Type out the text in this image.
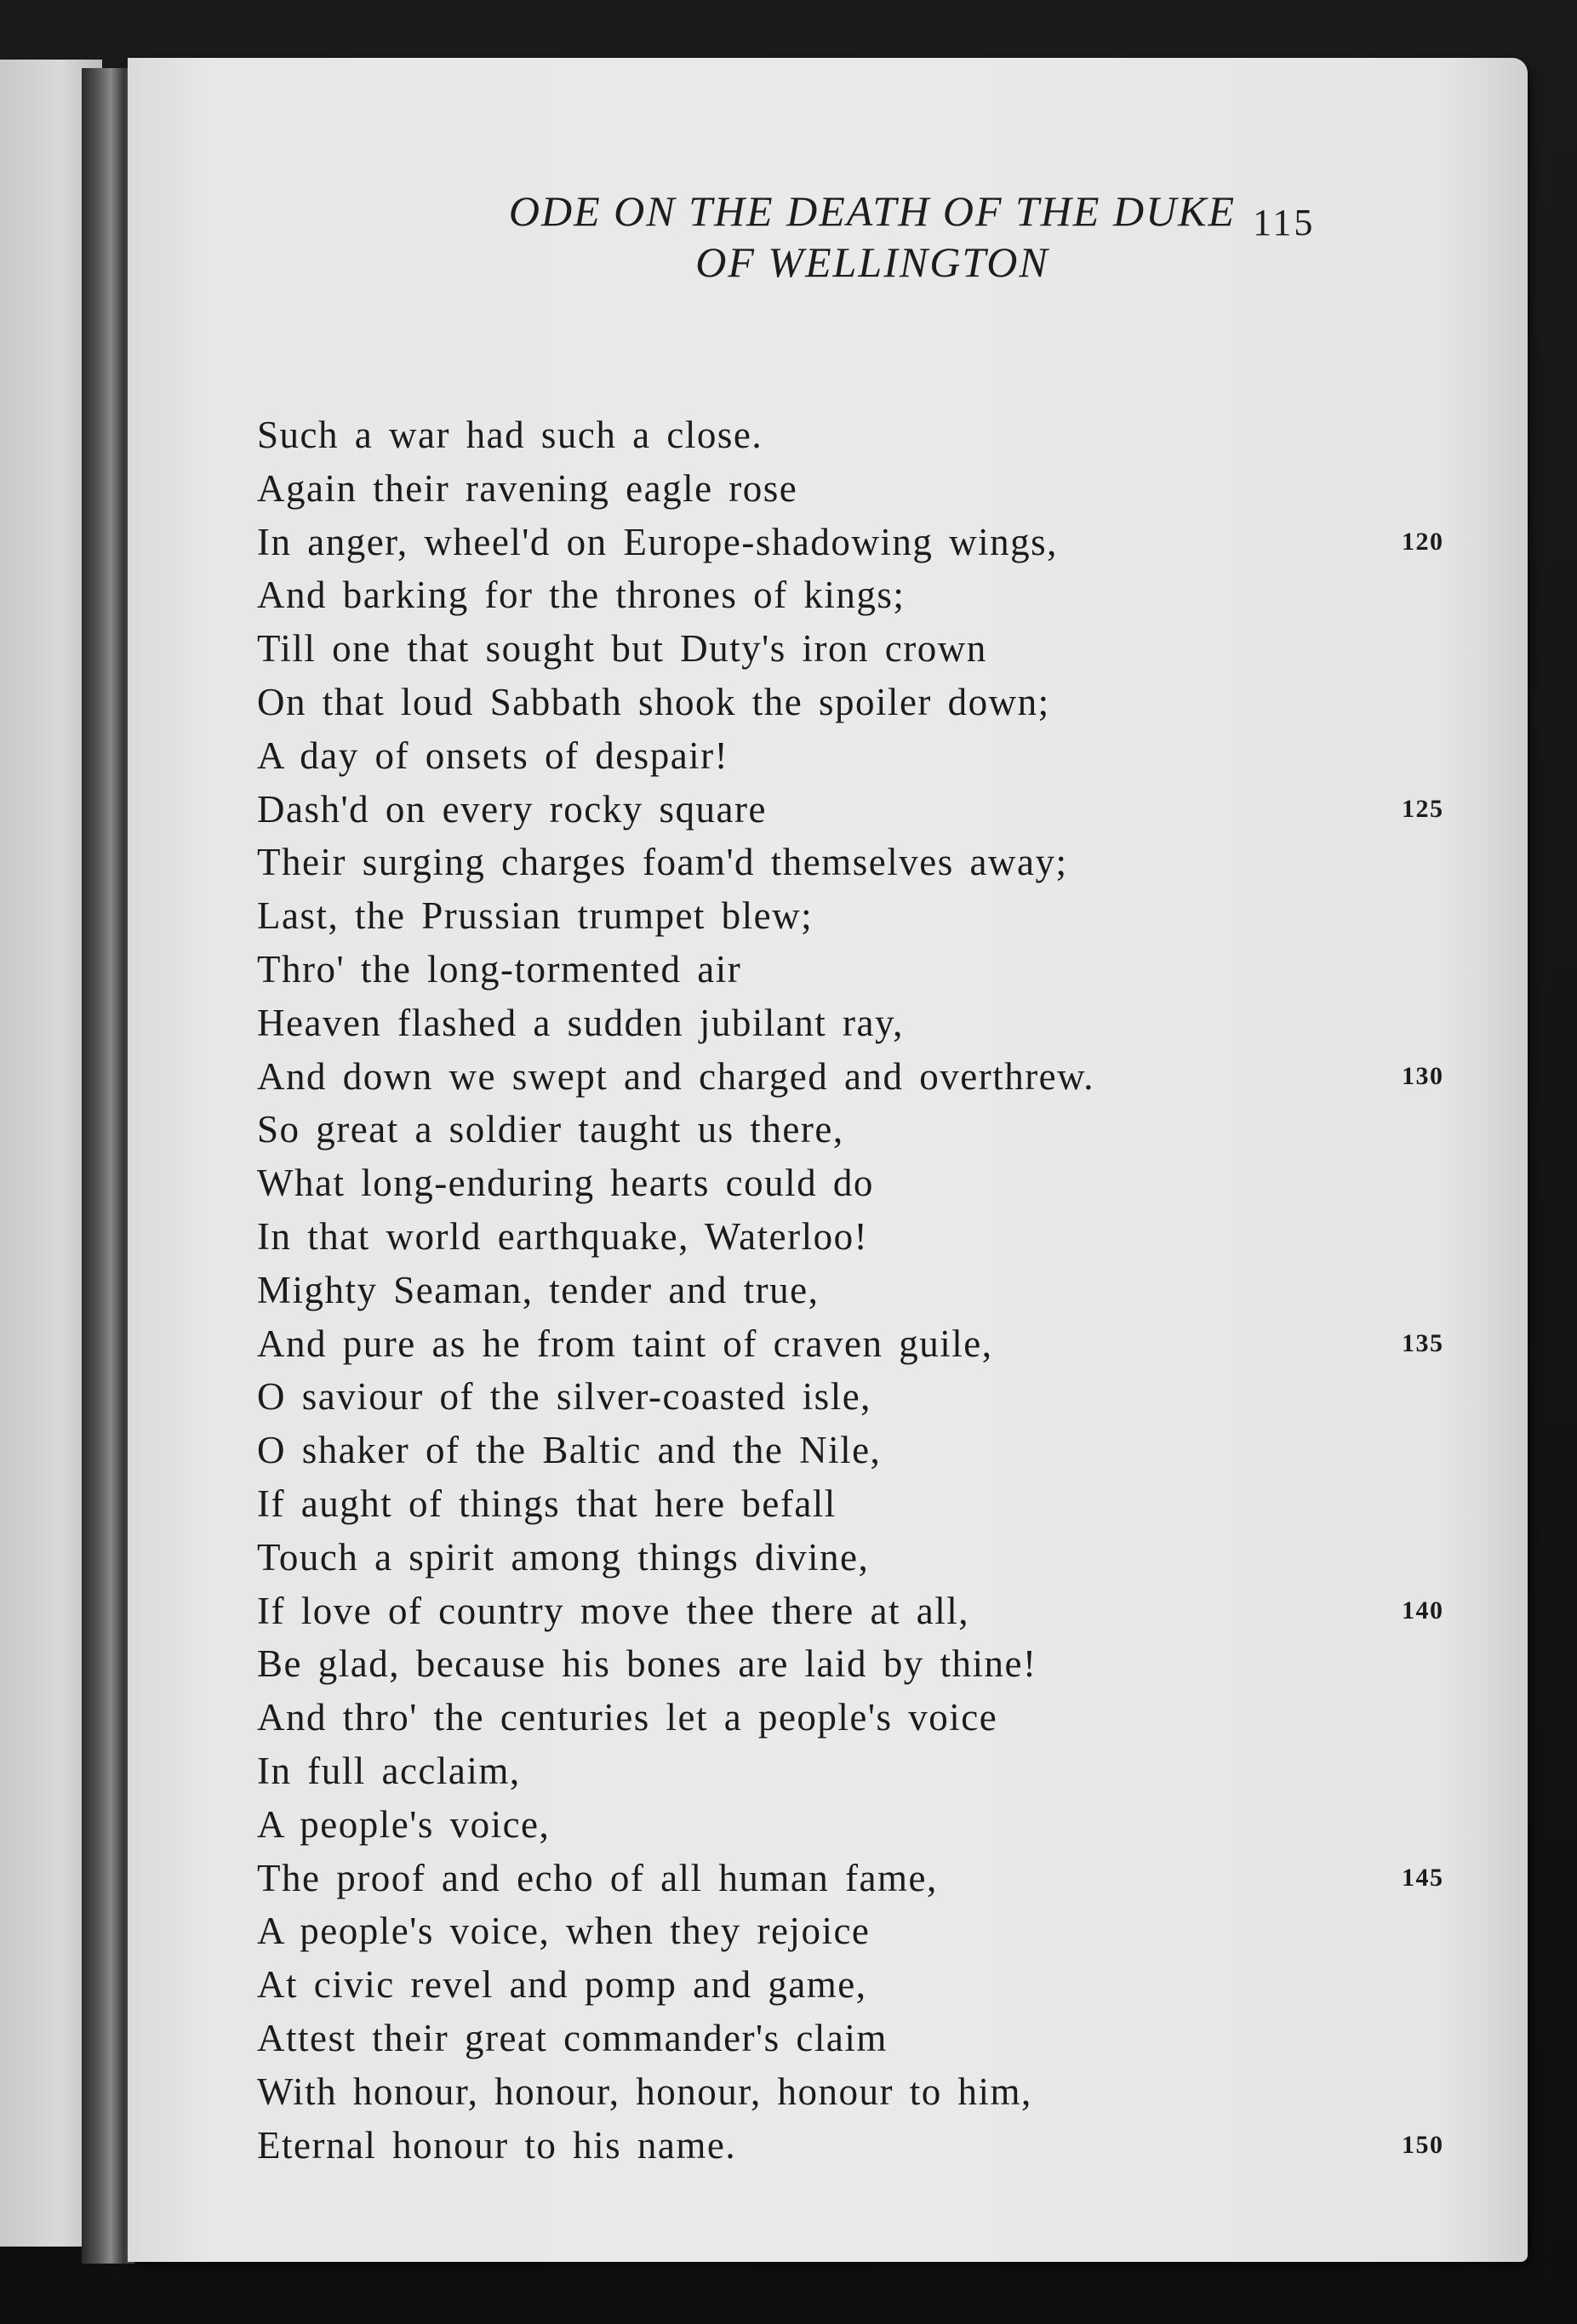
ODE ON THE DEATH OF THE DUKE
OF WELLINGTON
115
Such a war had such a close.
Again their ravening eagle rose
In anger, wheel'd on Europe-shadowing wings,	120
And barking for the thrones of kings;
Till one that sought but Duty's iron crown
On that loud Sabbath shook the spoiler down;
A day of onsets of despair!
Dash'd on every rocky square	125
Their surging charges foam'd themselves away;
Last, the Prussian trumpet blew;
Thro' the long-tormented air
Heaven flashed a sudden jubilant ray,
And down we swept and charged and overthrew.	130
So great a soldier taught us there,
What long-enduring hearts could do
In that world earthquake, Waterloo!
Mighty Seaman, tender and true,
And pure as he from taint of craven guile,	135
O saviour of the silver-coasted isle,
O shaker of the Baltic and the Nile,
If aught of things that here befall
Touch a spirit among things divine,
If love of country move thee there at all,	140
Be glad, because his bones are laid by thine!
And thro' the centuries let a people's voice
In full acclaim,
A people's voice,
The proof and echo of all human fame,	145
A people's voice, when they rejoice
At civic revel and pomp and game,
Attest their great commander's claim
With honour, honour, honour, honour to him,
Eternal honour to his name.	150
